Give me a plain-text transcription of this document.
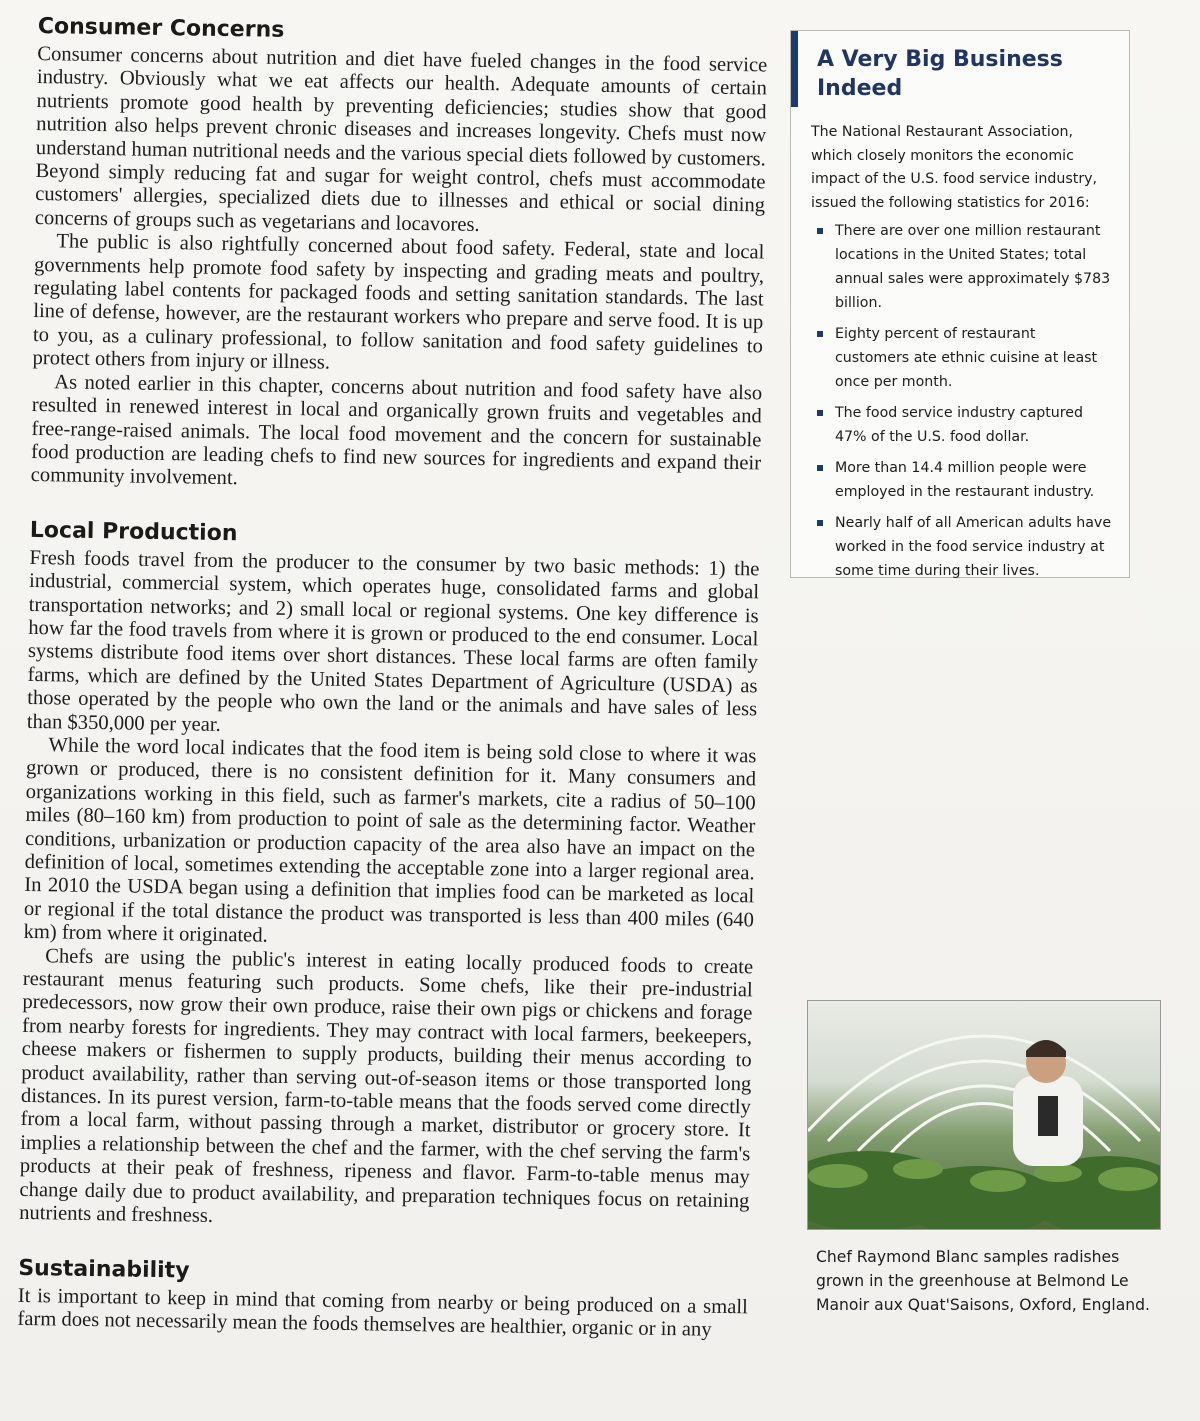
Consumer Concerns

Consumer concerns about nutrition and diet have fueled changes in the food service industry. Obviously what we eat affects our health. Adequate amounts of certain nutrients promote good health by preventing deficiencies; studies show that good nutrition also helps prevent chronic diseases and increases longevity. Chefs must now understand human nutritional needs and the various special diets followed by customers. Beyond simply reducing fat and sugar for weight control, chefs must accommodate customers' allergies, specialized diets due to illnesses and ethical or social dining concerns of groups such as vegetarians and locavores.

The public is also rightfully concerned about food safety. Federal, state and local governments help promote food safety by inspecting and grading meats and poultry, regulating label contents for packaged foods and setting sanitation standards. The last line of defense, however, are the restaurant workers who prepare and serve food. It is up to you, as a culinary professional, to follow sanitation and food safety guidelines to protect others from injury or illness.

As noted earlier in this chapter, concerns about nutrition and food safety have also resulted in renewed interest in local and organically grown fruits and vegetables and free-range-raised animals. The local food movement and the concern for sustainable food production are leading chefs to find new sources for ingredients and expand their community involvement.

Local Production

Fresh foods travel from the producer to the consumer by two basic methods: 1) the industrial, commercial system, which operates huge, consolidated farms and global transportation networks; and 2) small local or regional systems. One key difference is how far the food travels from where it is grown or produced to the end consumer. Local systems distribute food items over short distances. These local farms are often family farms, which are defined by the United States Department of Agriculture (USDA) as those operated by the people who own the land or the animals and have sales of less than $350,000 per year.

While the word local indicates that the food item is being sold close to where it was grown or produced, there is no consistent definition for it. Many consumers and organizations working in this field, such as farmer's markets, cite a radius of 50–100 miles (80–160 km) from production to point of sale as the determining factor. Weather conditions, urbanization or production capacity of the area also have an impact on the definition of local, sometimes extending the acceptable zone into a larger regional area. In 2010 the USDA began using a definition that implies food can be marketed as local or regional if the total distance the product was transported is less than 400 miles (640 km) from where it originated.

Chefs are using the public's interest in eating locally produced foods to create restaurant menus featuring such products. Some chefs, like their pre-industrial predecessors, now grow their own produce, raise their own pigs or chickens and forage from nearby forests for ingredients. They may contract with local farmers, beekeepers, cheese makers or fishermen to supply products, building their menus according to product availability, rather than serving out-of-season items or those transported long distances. In its purest version, farm-to-table means that the foods served come directly from a local farm, without passing through a market, distributor or grocery store. It implies a relationship between the chef and the farmer, with the chef serving the farm's products at their peak of freshness, ripeness and flavor. Farm-to-table menus may change daily due to product availability, and preparation techniques focus on retaining nutrients and freshness.

Sustainability

It is important to keep in mind that coming from nearby or being produced on a small farm does not necessarily mean the foods themselves are healthier, organic or in any

A Very Big Business Indeed

The National Restaurant Association, which closely monitors the economic impact of the U.S. food service industry, issued the following statistics for 2016:

There are over one million restaurant locations in the United States; total annual sales were approximately $783 billion.
Eighty percent of restaurant customers ate ethnic cuisine at least once per month.
The food service industry captured 47% of the U.S. food dollar.
More than 14.4 million people were employed in the restaurant industry.
Nearly half of all American adults have worked in the food service industry at some time during their lives.

Chef Raymond Blanc samples radishes grown in the greenhouse at Belmond Le Manoir aux Quat'Saisons, Oxford, England.
